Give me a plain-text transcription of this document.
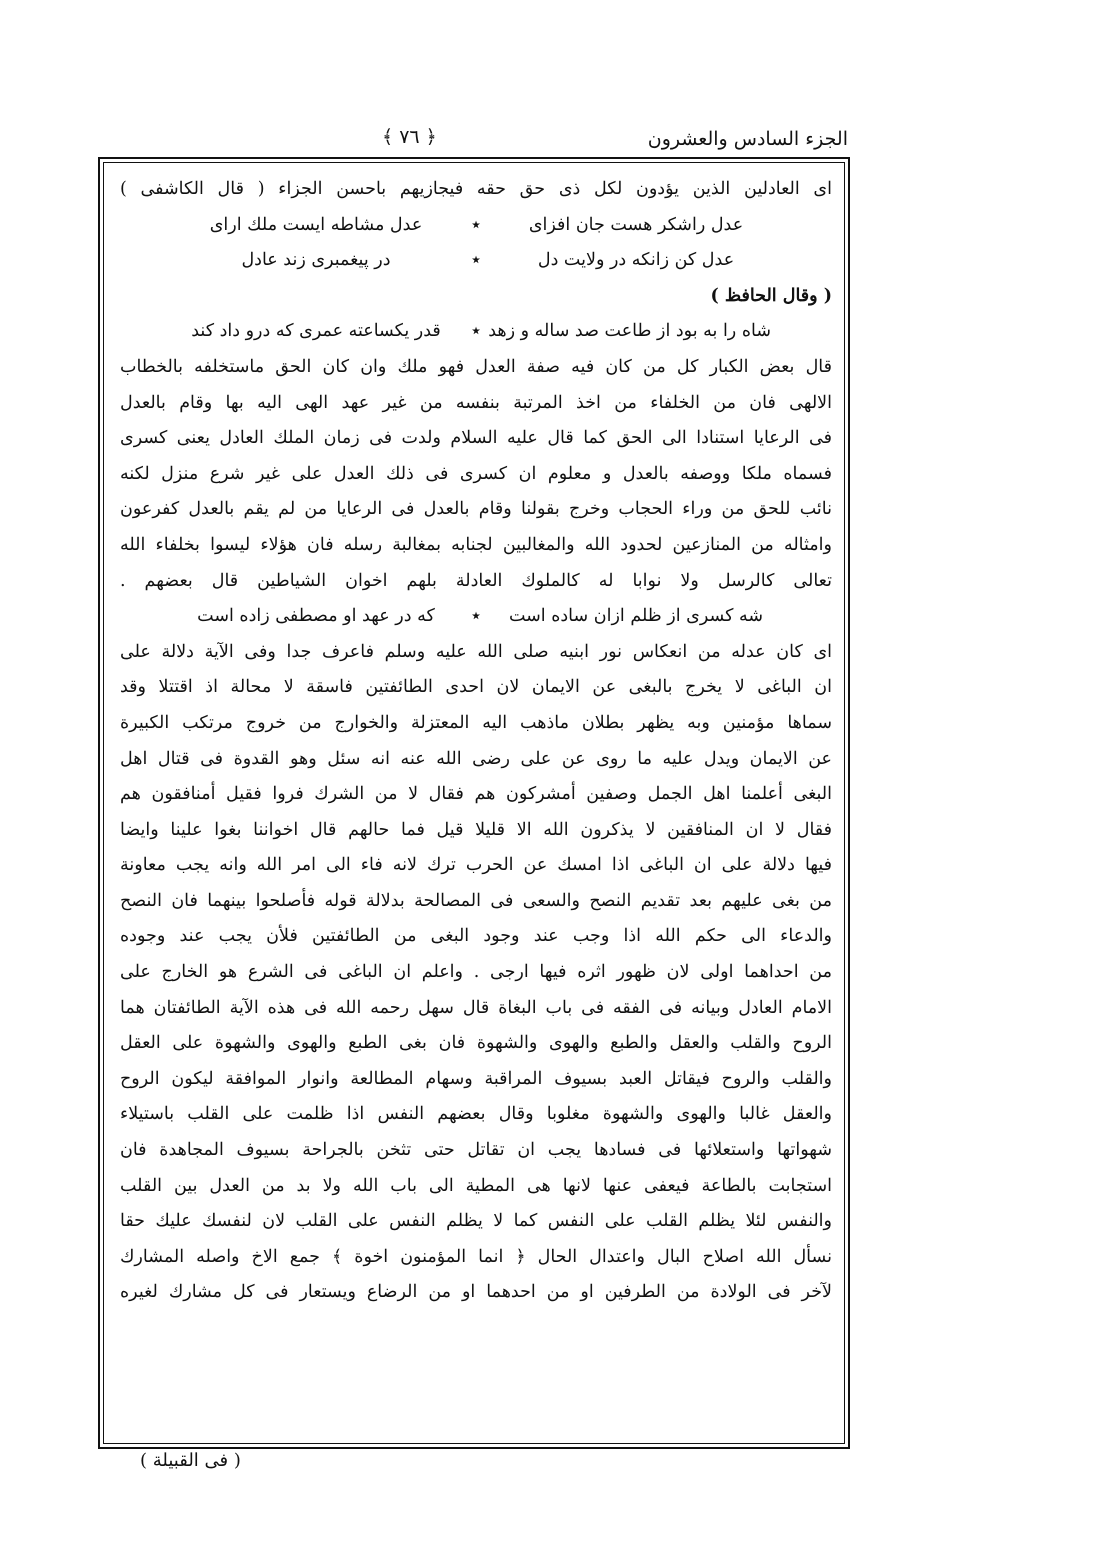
الجزء السادس والعشرون
﴿ ٧٦ ﴾
اى العادلين الذين يؤدون لكل ذى حق حقه فيجازيهم باحسن الجزاء ( قال الكاشفى )
عدل راشكر هست جان افزاى٭عدل مشاطه ايست ملك اراى
عدل كن زانكه در ولايت دل٭در پيغمبرى زند عادل
( وقال الحافظ )
شاه را به بود از طاعت صد ساله و زهد٭قدر يكساعته عمرى كه درو داد كند
قال بعض الكبار كل من كان فيه صفة العدل فهو ملك وان كان الحق ماستخلفه بالخطاب
الالهى فان من الخلفاء من اخذ المرتبة بنفسه من غير عهد الهى اليه بها وقام بالعدل
فى الرعايا استنادا الى الحق كما قال عليه السلام ولدت فى زمان الملك العادل يعنى كسرى
فسماه ملكا ووصفه بالعدل و معلوم ان كسرى فى ذلك العدل على غير شرع منزل لكنه
نائب للحق من وراء الحجاب وخرج بقولنا وقام بالعدل فى الرعايا من لم يقم بالعدل كفرعون
وامثاله من المنازعين لحدود الله والمغالبين لجنابه بمغالبة رسله فان هؤلاء ليسوا بخلفاء الله
تعالى كالرسل ولا نوابا له كالملوك العادلة بلهم اخوان الشياطين قال بعضهم .
شه كسرى از ظلم ازان ساده است٭كه در عهد او مصطفى زاده است
اى كان عدله من انعكاس نور ابنيه صلى الله عليه وسلم فاعرف جدا وفى الآية دلالة على
ان الباغى لا يخرج بالبغى عن الايمان لان احدى الطائفتين فاسقة لا محالة اذ اقتتلا وقد
سماها مؤمنين وبه يظهر بطلان ماذهب اليه المعتزلة والخوارج من خروج مرتكب الكبيرة
عن الايمان ويدل عليه ما روى عن على رضى الله عنه انه سئل وهو القدوة فى قتال اهل
البغى أعلمنا اهل الجمل وصفين أمشركون هم فقال لا من الشرك فروا فقيل أمنافقون هم
فقال لا ان المنافقين لا يذكرون الله الا قليلا قيل فما حالهم قال اخواننا بغوا علينا وايضا
فيها دلالة على ان الباغى اذا امسك عن الحرب ترك لانه فاء الى امر الله وانه يجب معاونة
من بغى عليهم بعد تقديم النصح والسعى فى المصالحة بدلالة قوله فأصلحوا بينهما فان النصح
والدعاء الى حكم الله اذا وجب عند وجود البغى من الطائفتين فلأن يجب عند وجوده
من احداهما اولى لان ظهور اثره فيها ارجى . واعلم ان الباغى فى الشرع هو الخارج على
الامام العادل وبيانه فى الفقه فى باب البغاة قال سهل رحمه الله فى هذه الآية الطائفتان هما
الروح والقلب والعقل والطبع والهوى والشهوة فان بغى الطبع والهوى والشهوة على العقل
والقلب والروح فيقاتل العبد بسيوف المراقبة وسهام المطالعة وانوار الموافقة ليكون الروح
والعقل غالبا والهوى والشهوة مغلوبا وقال بعضهم النفس اذا ظلمت على القلب باستيلاء
شهواتها واستعلائها فى فسادها يجب ان تقاتل حتى تثخن بالجراحة بسيوف المجاهدة فان
استجابت بالطاعة فيعفى عنها لانها هى المطية الى باب الله ولا بد من العدل بين القلب
والنفس لئلا يظلم القلب على النفس كما لا يظلم النفس على القلب لان لنفسك عليك حقا
نسأل الله اصلاح البال واعتدال الحال ﴿ انما المؤمنون اخوة ﴾ جمع الاخ واصله المشارك
لآخر فى الولادة من الطرفين او من احدهما او من الرضاع ويستعار فى كل مشارك لغيره
( فى القبيلة )
